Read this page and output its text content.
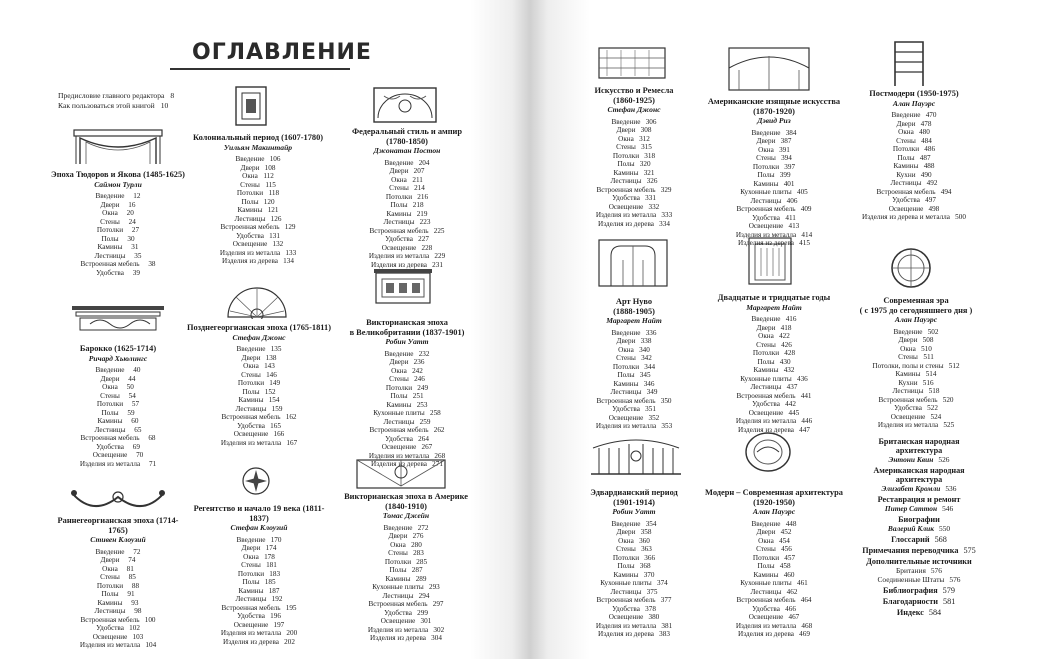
ОГЛАВЛЕНИЕ
Предисловие главного редактора 8
Как пользоваться этой книгой 10
Эпоха Тюдоров и Якова (1485-1625)
Саймон Турли
Введение 12
Двери 16
Окна 20
Стены 24
Потолки 27
Полы 30
Камины 31
Лестницы 35
Встроенная мебель 38
Удобства 39
Барокко (1625-1714)
Ричард Хьюлингс
Введение 40
Двери 44
Окна 50
Стены 54
Потолки 57
Полы 59
Камины 60
Лестницы 65
Встроенная мебель 68
Удобства 69
Освещение 70
Изделия из металла 71
Раннегеоргианская эпоха (1714-1765)
Стивен Клоузий
Введение 72
Двери 74
Окна 81
Стены 85
Потолки 88
Полы 91
Камины 93
Лестницы 98
Встроенная мебель 100
Удобства 102
Освещение 103
Изделия из металла 104
Колониальный период (1607-1780)
Уильям Макинтайр
Введение 106
Двери 108
Окна 112
Стены 115
Потолки 118
Полы 120
Камины 121
Лестницы 126
Встроенная мебель 129
Удобства 131
Освещение 132
Изделия из металла 133
Изделия из дерева 134
Позднегеоргианская эпоха (1765-1811)
Стефан Джонс
Введение 135
Двери 138
Окна 143
Стены 146
Потолки 149
Полы 152
Камины 154
Лестницы 159
Встроенная мебель 162
Удобства 165
Освещение 166
Изделия из металла 167
Регентство и начало 19 века (1811-1837)
Стефан Клоузий
Введение 170
Двери 174
Окна 178
Стены 181
Потолки 183
Полы 185
Камины 187
Лестницы 192
Встроенная мебель 195
Удобства 196
Освещение 197
Изделия из металла 200
Изделия из дерева 202
Федеральный стиль и ампир
(1780-1850)
Джонатан Постон
Введение 204
Двери 207
Окна 211
Стены 214
Потолки 216
Полы 218
Камины 219
Лестницы 223
Встроенная мебель 225
Удобства 227
Освещение 228
Изделия из металла 229
Изделия из дерева 231
Викторианская эпоха
в Великобритании (1837-1901)
Робин Уатт
Введение 232
Двери 236
Окна 242
Стены 246
Потолки 249
Полы 251
Камины 253
Кухонные плиты 258
Лестницы 259
Встроенная мебель 262
Удобства 264
Освещение 267
Изделия из металла 268
Изделия из дерева 271
Викторианская эпоха в Америке
(1840-1910)
Томас Джейн
Введение 272
Двери 276
Окна 280
Стены 283
Потолки 285
Полы 287
Камины 289
Кухонные плиты 293
Лестницы 294
Встроенная мебель 297
Удобства 299
Освещение 301
Изделия из металла 302
Изделия из дерева 304
Искусство и Ремесла
(1860-1925)
Стефан Джонс
Введение 306
Двери 308
Окна 312
Стены 315
Потолки 318
Полы 320
Камины 321
Лестницы 326
Встроенная мебель 329
Удобства 331
Освещение 332
Изделия из металла 333
Изделия из дерева 334
Арт Нуво
(1888-1905)
Маргарет Найт
Введение 336
Двери 338
Окна 340
Стены 342
Потолки 344
Полы 345
Камины 346
Лестницы 349
Встроенная мебель 350
Удобства 351
Освещение 352
Изделия из металла 353
Эдвардианский период
(1901-1914)
Робин Уатт
Введение 354
Двери 358
Окна 360
Стены 363
Потолки 366
Полы 368
Камины 370
Кухонные плиты 374
Лестницы 375
Встроенная мебель 377
Удобства 378
Освещение 380
Изделия из металла 381
Изделия из дерева 383
Американские изящные искусства
(1870-1920)
Дэвид Риз
Введение 384
Двери 387
Окна 391
Стены 394
Потолки 397
Полы 399
Камины 401
Кухонные плиты 405
Лестницы 406
Встроенная мебель 409
Удобства 411
Освещение 413
Изделия из металла 414
Изделия из дерева 415
Двадцатые и тридцатые годы
Маргарет Найт
Введение 416
Двери 418
Окна 422
Стены 426
Потолки 428
Полы 430
Камины 432
Кухонные плиты 436
Лестницы 437
Встроенная мебель 441
Удобства 442
Освещение 445
Изделия из металла 446
Изделия из дерева 447
Модерн – Современная архитектура
(1920-1950)
Алан Пауэрс
Введение 448
Двери 452
Окна 454
Стены 456
Потолки 457
Полы 458
Камины 460
Кухонные плиты 461
Лестницы 462
Встроенная мебель 464
Удобства 466
Освещение 467
Изделия из металла 468
Изделия из дерева 469
Постмодерн (1950-1975)
Алан Пауэрс
Введение 470
Двери 478
Окна 480
Стены 484
Потолки 486
Полы 487
Камины 488
Кухни 490
Лестницы 492
Встроенная мебель 494
Удобства 497
Освещение 498
Изделия из дерева и металла 500
Современная эра
( с 1975 до сегодняшнего дня )
Алан Пауэрс
Введение 502
Двери 508
Окна 510
Стены 511
Потолки, полы и стены 512
Камины 514
Кухни 516
Лестницы 518
Встроенная мебель 520
Удобства 522
Освещение 524
Изделия из металла 525
Британская народная
архитектура
Энтони Квин 526
Американская народная
архитектура
Элизабет Кромли 536
Реставрация и ремонт
Питер Саттон 546
Биографии
Валерий Клик 550
Глоссарий 568
Примечания переводчика 575
Дополнительные источники
Британия 576
Соединенные Штаты 576
Библиография 579
Благодарности 581
Индекс 584
